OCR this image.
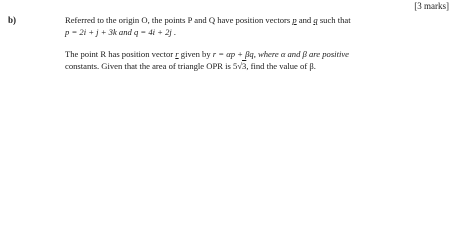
[3 marks]
b)	Referred to the origin O, the points P and Q have position vectors p and q such that
p = 2i + j + 3k and q = 4i + 2j .
The point R has position vector r given by r = αp + βq, where α and β are positive
constants. Given that the area of triangle OPR is 5√3, find the value of β.
